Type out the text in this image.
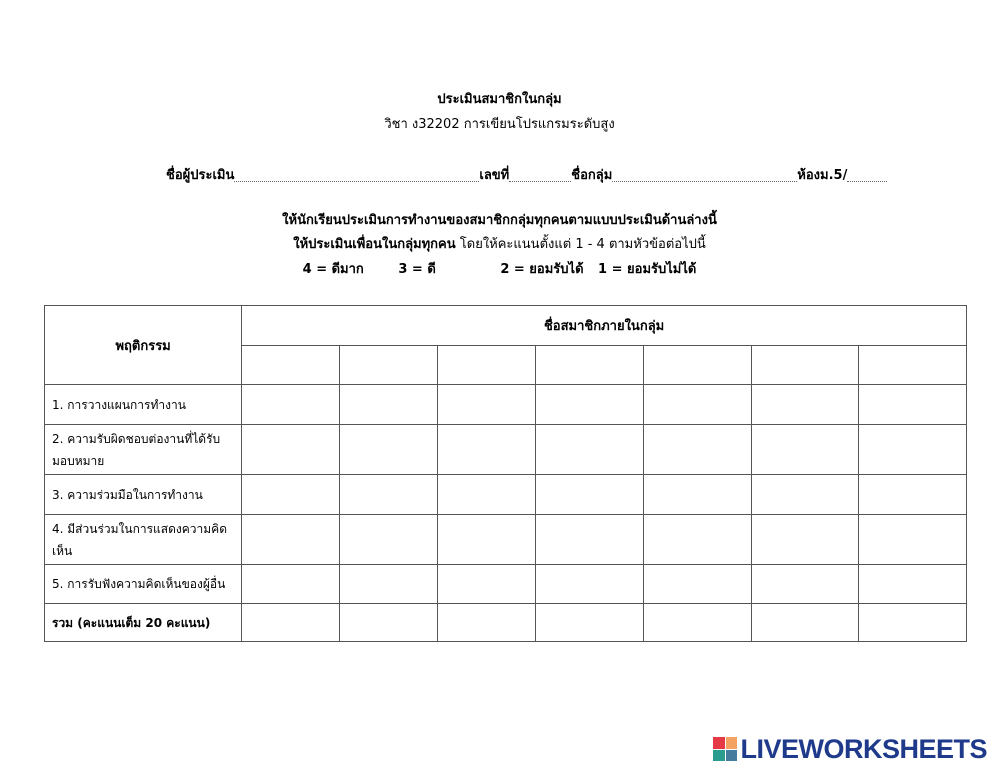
ประเมินสมาชิกในกลุ่ม
วิชา ง32202 การเขียนโปรแกรมระดับสูง
ชื่อผู้ประเมิน	เลขที่	ชื่อกลุ่ม	ห้องม.5/
ให้นักเรียนประเมินการทำงานของสมาชิกกลุ่มทุกคนตามแบบประเมินด้านล่างนี้
ให้ประเมินเพื่อนในกลุ่มทุกคน โดยให้คะแนนตั้งแต่ 1 - 4 ตามหัวข้อต่อไปนี้
4 = ดีมาก	3 = ดี	2 = ยอมรับได้ 1 = ยอมรับไม่ได้
พฤติกรรม	ชื่อสมาชิกภายในกลุ่ม						

1. การวางแผนการทำงาน							
2. ความรับผิดชอบต่องานที่ได้รับมอบหมาย							
3. ความร่วมมือในการทำงาน							
4. มีส่วนร่วมในการแสดงความคิดเห็น							
5. การรับฟังความคิดเห็นของผู้อื่น							
รวม (คะแนนเต็ม 20 คะแนน)							
LIVEWORKSHEETS
